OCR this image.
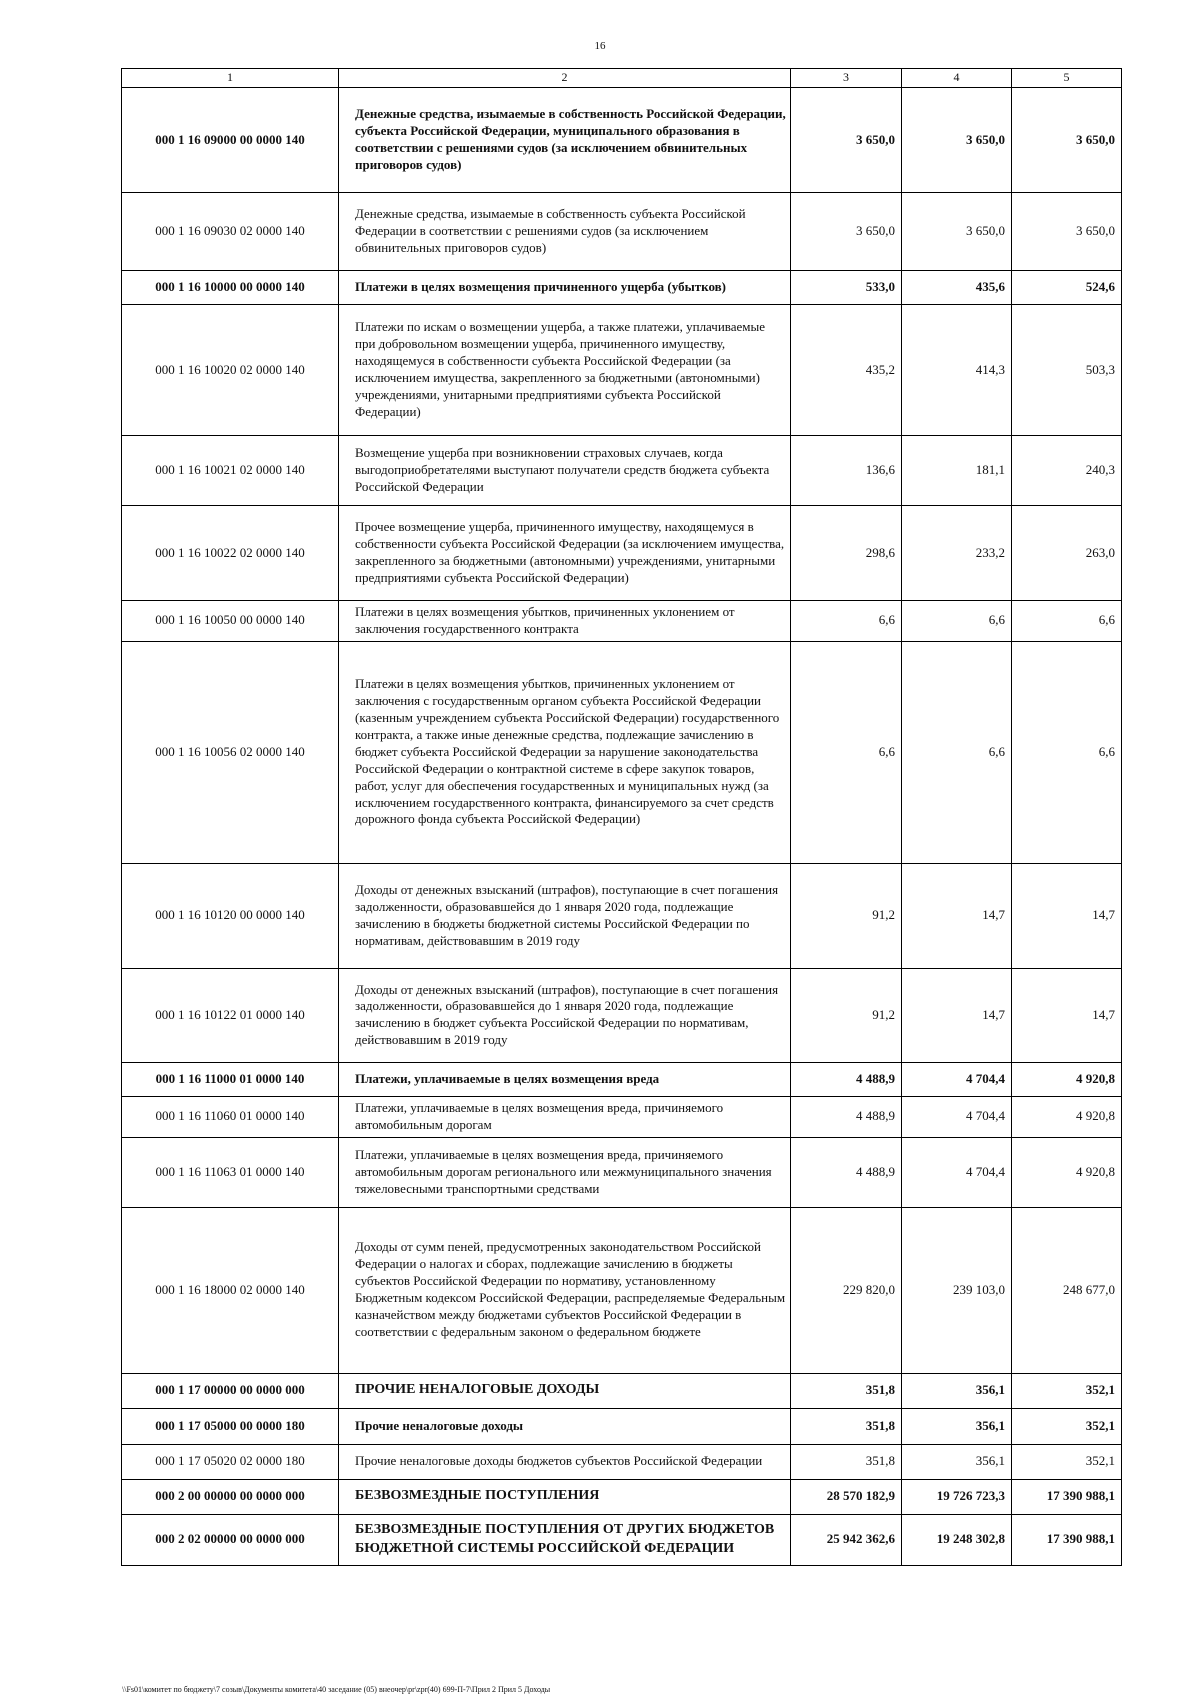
16
1	2	3	4	5
000 1 16 09000 00 0000 140	Денежные средства, изымаемые в собственность Российской Федерации, субъекта Российской Федерации, муниципального образования в соответствии с решениями судов (за исключением обвинительных приговоров судов)	3 650,0	3 650,0	3 650,0
000 1 16 09030 02 0000 140	Денежные средства, изымаемые в собственность субъекта Российской Федерации в соответствии с решениями судов (за исключением обвинительных приговоров судов)	3 650,0	3 650,0	3 650,0
000 1 16 10000 00 0000 140	Платежи в целях возмещения причиненного ущерба (убытков)	533,0	435,6	524,6
000 1 16 10020 02 0000 140	Платежи по искам о возмещении ущерба, а также платежи, уплачиваемые при добровольном возмещении ущерба, причиненного имуществу, находящемуся в собственности субъекта Российской Федерации (за исключением имущества, закрепленного за бюджетными (автономными) учреждениями, унитарными предприятиями субъекта Российской Федерации)	435,2	414,3	503,3
000 1 16 10021 02 0000 140	Возмещение ущерба при возникновении страховых случаев, когда выгодоприобретателями выступают получатели средств бюджета субъекта Российской Федерации	136,6	181,1	240,3
000 1 16 10022 02 0000 140	Прочее возмещение ущерба, причиненного имуществу, находящемуся в собственности субъекта Российской Федерации (за исключением имущества, закрепленного за бюджетными (автономными) учреждениями, унитарными предприятиями субъекта Российской Федерации)	298,6	233,2	263,0
000 1 16 10050 00 0000 140	Платежи в целях возмещения убытков, причиненных уклонением от заключения государственного контракта	6,6	6,6	6,6
000 1 16 10056 02 0000 140	Платежи в целях возмещения убытков, причиненных уклонением от заключения с государственным органом субъекта Российской Федерации (казенным учреждением субъекта Российской Федерации) государственного контракта, а также иные денежные средства, подлежащие зачислению в бюджет субъекта Российской Федерации за нарушение законодательства Российской Федерации о контрактной системе в сфере закупок товаров, работ, услуг для обеспечения государственных и муниципальных нужд (за исключением государственного контракта, финансируемого за счет средств дорожного фонда субъекта Российской Федерации)	6,6	6,6	6,6
000 1 16 10120 00 0000 140	Доходы от денежных взысканий (штрафов), поступающие в счет погашения задолженности, образовавшейся до 1 января 2020 года, подлежащие зачислению в бюджеты бюджетной системы Российской Федерации по нормативам, действовавшим в 2019 году	91,2	14,7	14,7
000 1 16 10122 01 0000 140	Доходы от денежных взысканий (штрафов), поступающие в счет погашения задолженности, образовавшейся до 1 января 2020 года, подлежащие зачислению в бюджет субъекта Российской Федерации по нормативам, действовавшим в 2019 году	91,2	14,7	14,7
000 1 16 11000 01 0000 140	Платежи, уплачиваемые в целях возмещения вреда	4 488,9	4 704,4	4 920,8
000 1 16 11060 01 0000 140	Платежи, уплачиваемые в целях возмещения вреда, причиняемого автомобильным дорогам	4 488,9	4 704,4	4 920,8
000 1 16 11063 01 0000 140	Платежи, уплачиваемые в целях возмещения вреда, причиняемого автомобильным дорогам регионального или межмуниципального значения тяжеловесными транспортными средствами	4 488,9	4 704,4	4 920,8
000 1 16 18000 02 0000 140	Доходы от сумм пеней, предусмотренных законодательством Российской Федерации о налогах и сборах, подлежащие зачислению в бюджеты субъектов Российской Федерации по нормативу, установленному Бюджетным кодексом Российской Федерации, распределяемые Федеральным казначейством между бюджетами субъектов Российской Федерации в соответствии с федеральным законом о федеральном бюджете	229 820,0	239 103,0	248 677,0
000 1 17 00000 00 0000 000	ПРОЧИЕ НЕНАЛОГОВЫЕ ДОХОДЫ	351,8	356,1	352,1
000 1 17 05000 00 0000 180	Прочие неналоговые доходы	351,8	356,1	352,1
000 1 17 05020 02 0000 180	Прочие неналоговые доходы бюджетов субъектов Российской Федерации	351,8	356,1	352,1
000 2 00 00000 00 0000 000	БЕЗВОЗМЕЗДНЫЕ ПОСТУПЛЕНИЯ	28 570 182,9	19 726 723,3	17 390 988,1
000 2 02 00000 00 0000 000	БЕЗВОЗМЕЗДНЫЕ ПОСТУПЛЕНИЯ ОТ ДРУГИХ БЮДЖЕТОВ БЮДЖЕТНОЙ СИСТЕМЫ РОССИЙСКОЙ ФЕДЕРАЦИИ	25 942 362,6	19 248 302,8	17 390 988,1
\\Fs01\комитет по бюджету\7 созыв\Документы комитета\40 заседание (05) внеочер\pr\zpr(40) 699-П-7\Прил 2 Прил 5 Доходы
